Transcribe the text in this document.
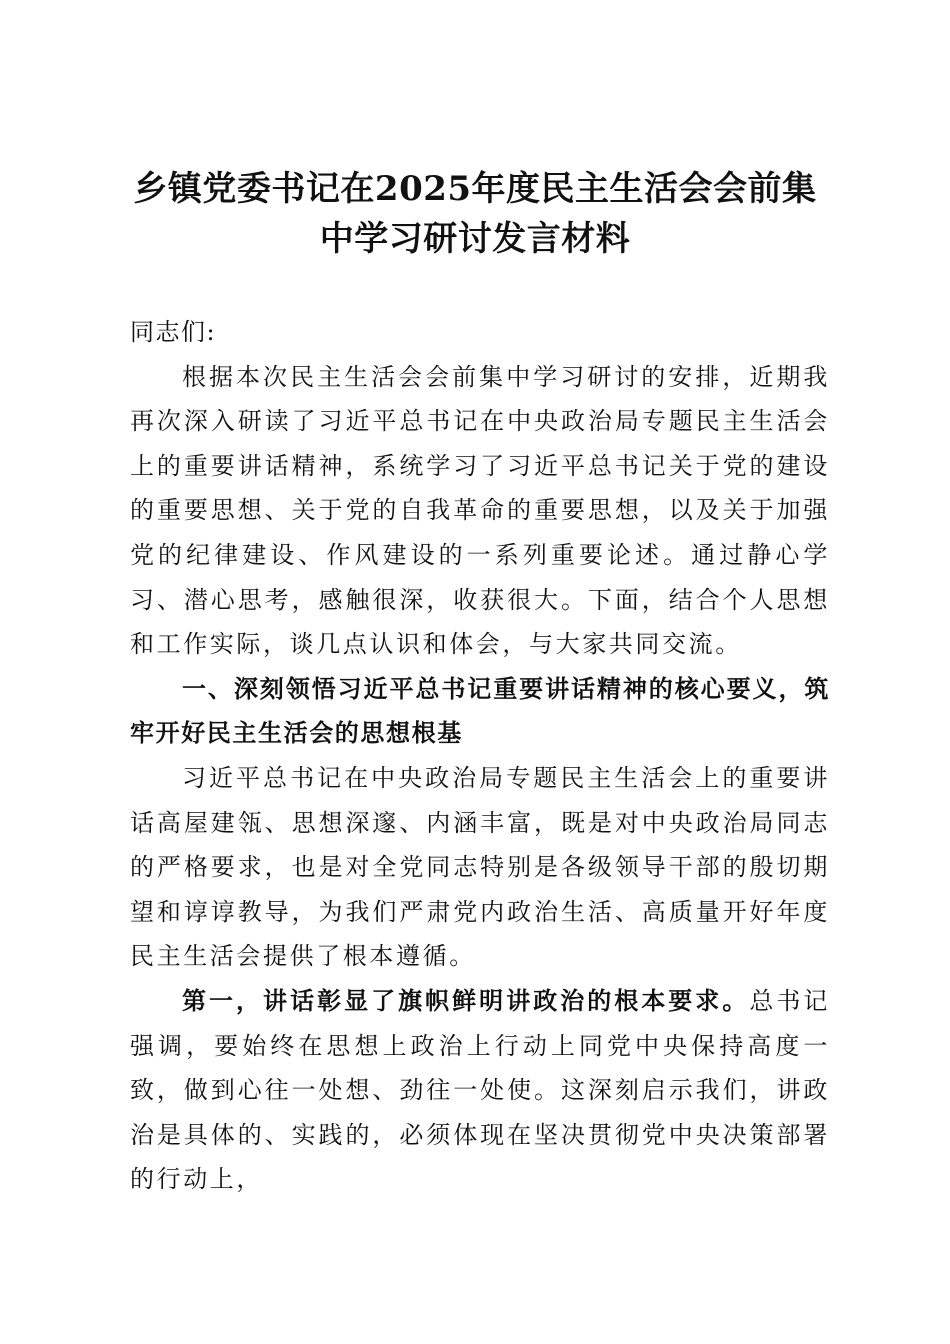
乡镇党委书记在2025年度民主生活会会前集
中学习研讨发言材料

同志们:

根据本次民主生活会会前集中学习研讨的安排，近期我再次深入研读了习近平总书记在中央政治局专题民主生活会上的重要讲话精神，系统学习了习近平总书记关于党的建设的重要思想、关于党的自我革命的重要思想，以及关于加强党的纪律建设、作风建设的一系列重要论述。通过静心学习、潜心思考，感触很深，收获很大。下面，结合个人思想和工作实际，谈几点认识和体会，与大家共同交流。

一、深刻领悟习近平总书记重要讲话精神的核心要义，筑牢开好民主生活会的思想根基

习近平总书记在中央政治局专题民主生活会上的重要讲话高屋建瓴、思想深邃、内涵丰富，既是对中央政治局同志的严格要求，也是对全党同志特别是各级领导干部的殷切期望和谆谆教导，为我们严肃党内政治生活、高质量开好年度民主生活会提供了根本遵循。

第一，讲话彰显了旗帜鲜明讲政治的根本要求。总书记强调，要始终在思想上政治上行动上同党中央保持高度一致，做到心往一处想、劲往一处使。这深刻启示我们，讲政治是具体的、实践的，必须体现在坚决贯彻党中央决策部署的行动上，
